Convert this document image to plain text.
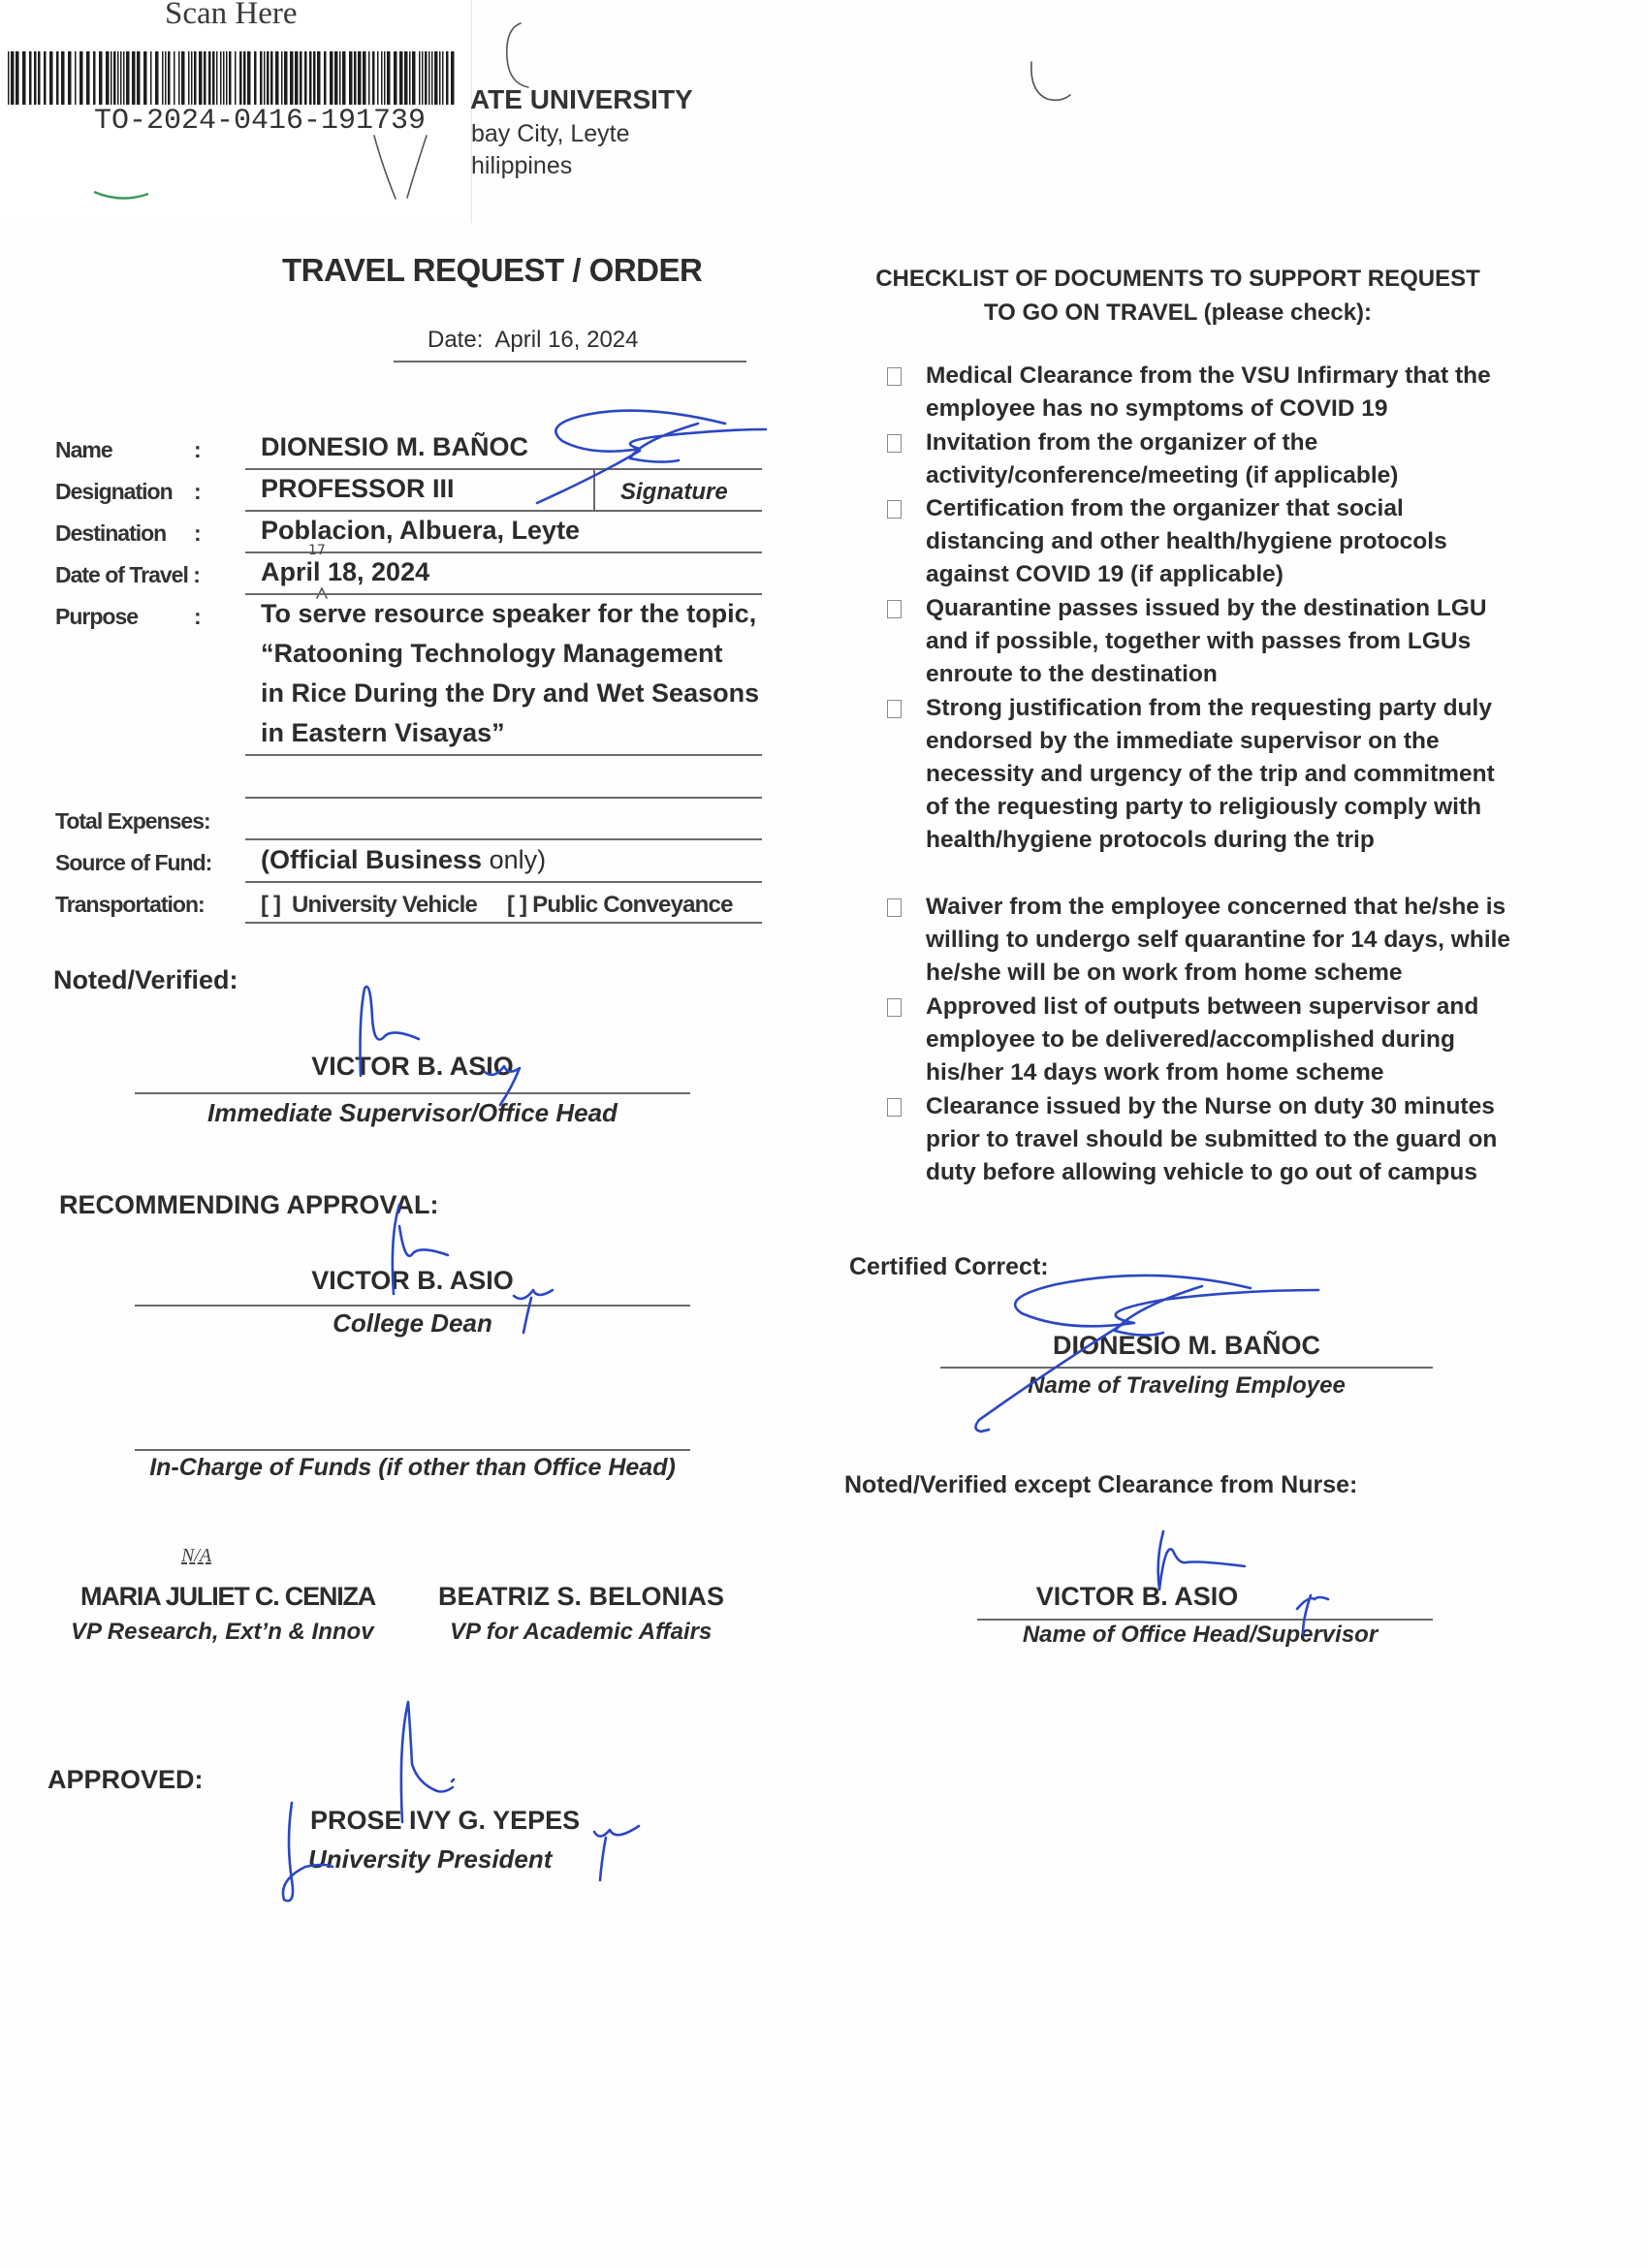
Scan Here
TO-2024-0416-191739
ATE UNIVERSITY
bay City, Leyte
hilippines
TRAVEL REQUEST / ORDER
Date: April 16, 2024
Name	: DIONESIO M. BAÑOC
Designation : PROFESSOR III	Signature
Destination : Poblacion, Albuera, Leyte
Date of Travel : April 18, 2024
17
Purpose	: To serve resource speaker for the topic,
“Ratooning Technology Management
in Rice During the Dry and Wet Seasons
in Eastern Visayas”
Total Expenses:
Source of Fund: (Official Business only)
Transportation: [ ] University Vehicle [ ] Public Conveyance
Noted/Verified:
VICTOR B. ASIO
Immediate Supervisor/Office Head
RECOMMENDING APPROVAL:
VICTOR B. ASIO
College Dean
In-Charge of Funds (if other than Office Head)
N/A
MARIA JULIET C. CENIZA
VP Research, Ext’n & Innov
BEATRIZ S. BELONIAS
VP for Academic Affairs
APPROVED:
PROSE IVY G. YEPES
University President
CHECKLIST OF DOCUMENTS TO SUPPORT REQUEST
TO GO ON TRAVEL (please check):
Medical Clearance from the VSU Infirmary that the employee has no symptoms of COVID 19
Invitation from the organizer of the activity/conference/meeting (if applicable)
Certification from the organizer that social distancing and other health/hygiene protocols against COVID 19 (if applicable)
Quarantine passes issued by the destination LGU and if possible, together with passes from LGUs enroute to the destination
Strong justification from the requesting party duly endorsed by the immediate supervisor on the necessity and urgency of the trip and commitment of the requesting party to religiously comply with health/hygiene protocols during the trip
Waiver from the employee concerned that he/she is willing to undergo self quarantine for 14 days, while he/she will be on work from home scheme
Approved list of outputs between supervisor and employee to be delivered/accomplished during his/her 14 days work from home scheme
Clearance issued by the Nurse on duty 30 minutes prior to travel should be submitted to the guard on duty before allowing vehicle to go out of campus
Certified Correct:
DIONESIO M. BAÑOC
Name of Traveling Employee
Noted/Verified except Clearance from Nurse:
VICTOR B. ASIO
Name of Office Head/Supervisor
